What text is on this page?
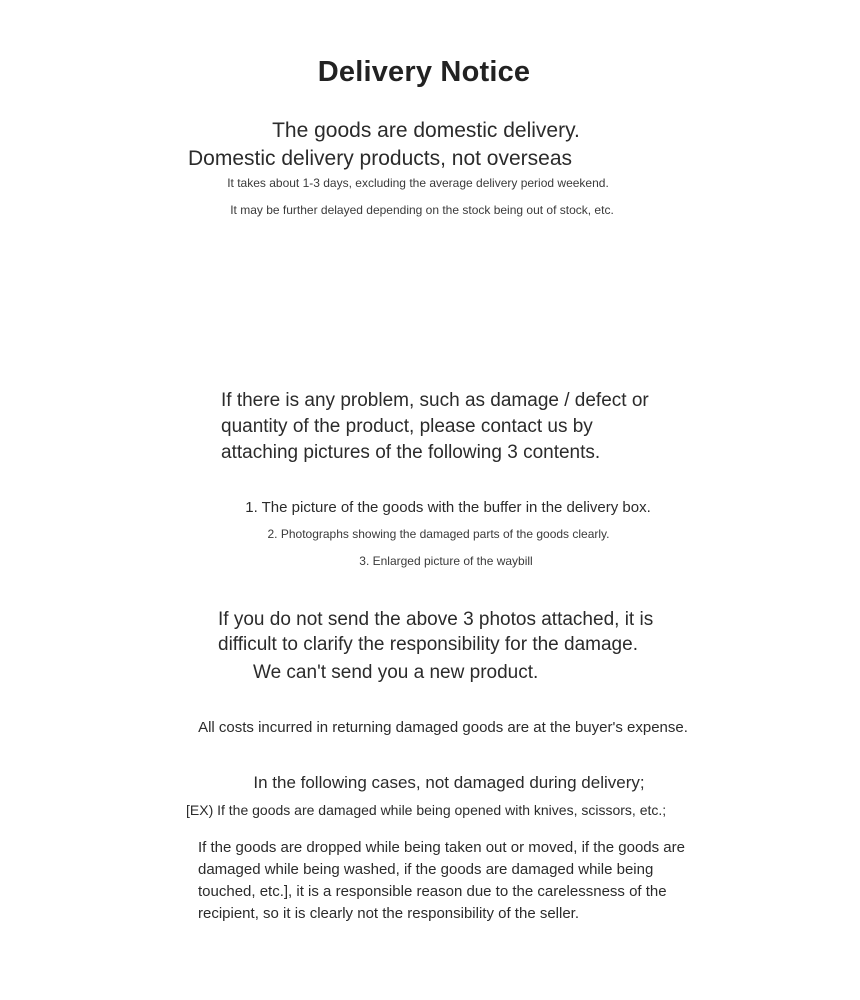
Delivery Notice

The goods are domestic delivery.

Domestic delivery products, not overseas

It takes about 1-3 days, excluding the average delivery period weekend.

It may be further delayed depending on the stock being out of stock, etc.

If there is any problem, such as damage / defect or quantity of the product, please contact us by attaching pictures of the following 3 contents.

1. The picture of the goods with the buffer in the delivery box.

2. Photographs showing the damaged parts of the goods clearly.

3. Enlarged picture of the waybill

If you do not send the above 3 photos attached, it is

difficult to clarify the responsibility for the damage.

We can't send you a new product.

All costs incurred in returning damaged goods are at the buyer's expense.

In the following cases, not damaged during delivery;

[EX) If the goods are damaged while being opened with knives, scissors, etc.;

If the goods are dropped while being taken out or moved, if the goods are damaged while being washed, if the goods are damaged while being touched, etc.], it is a responsible reason due to the carelessness of the recipient, so it is clearly not the responsibility of the seller.
